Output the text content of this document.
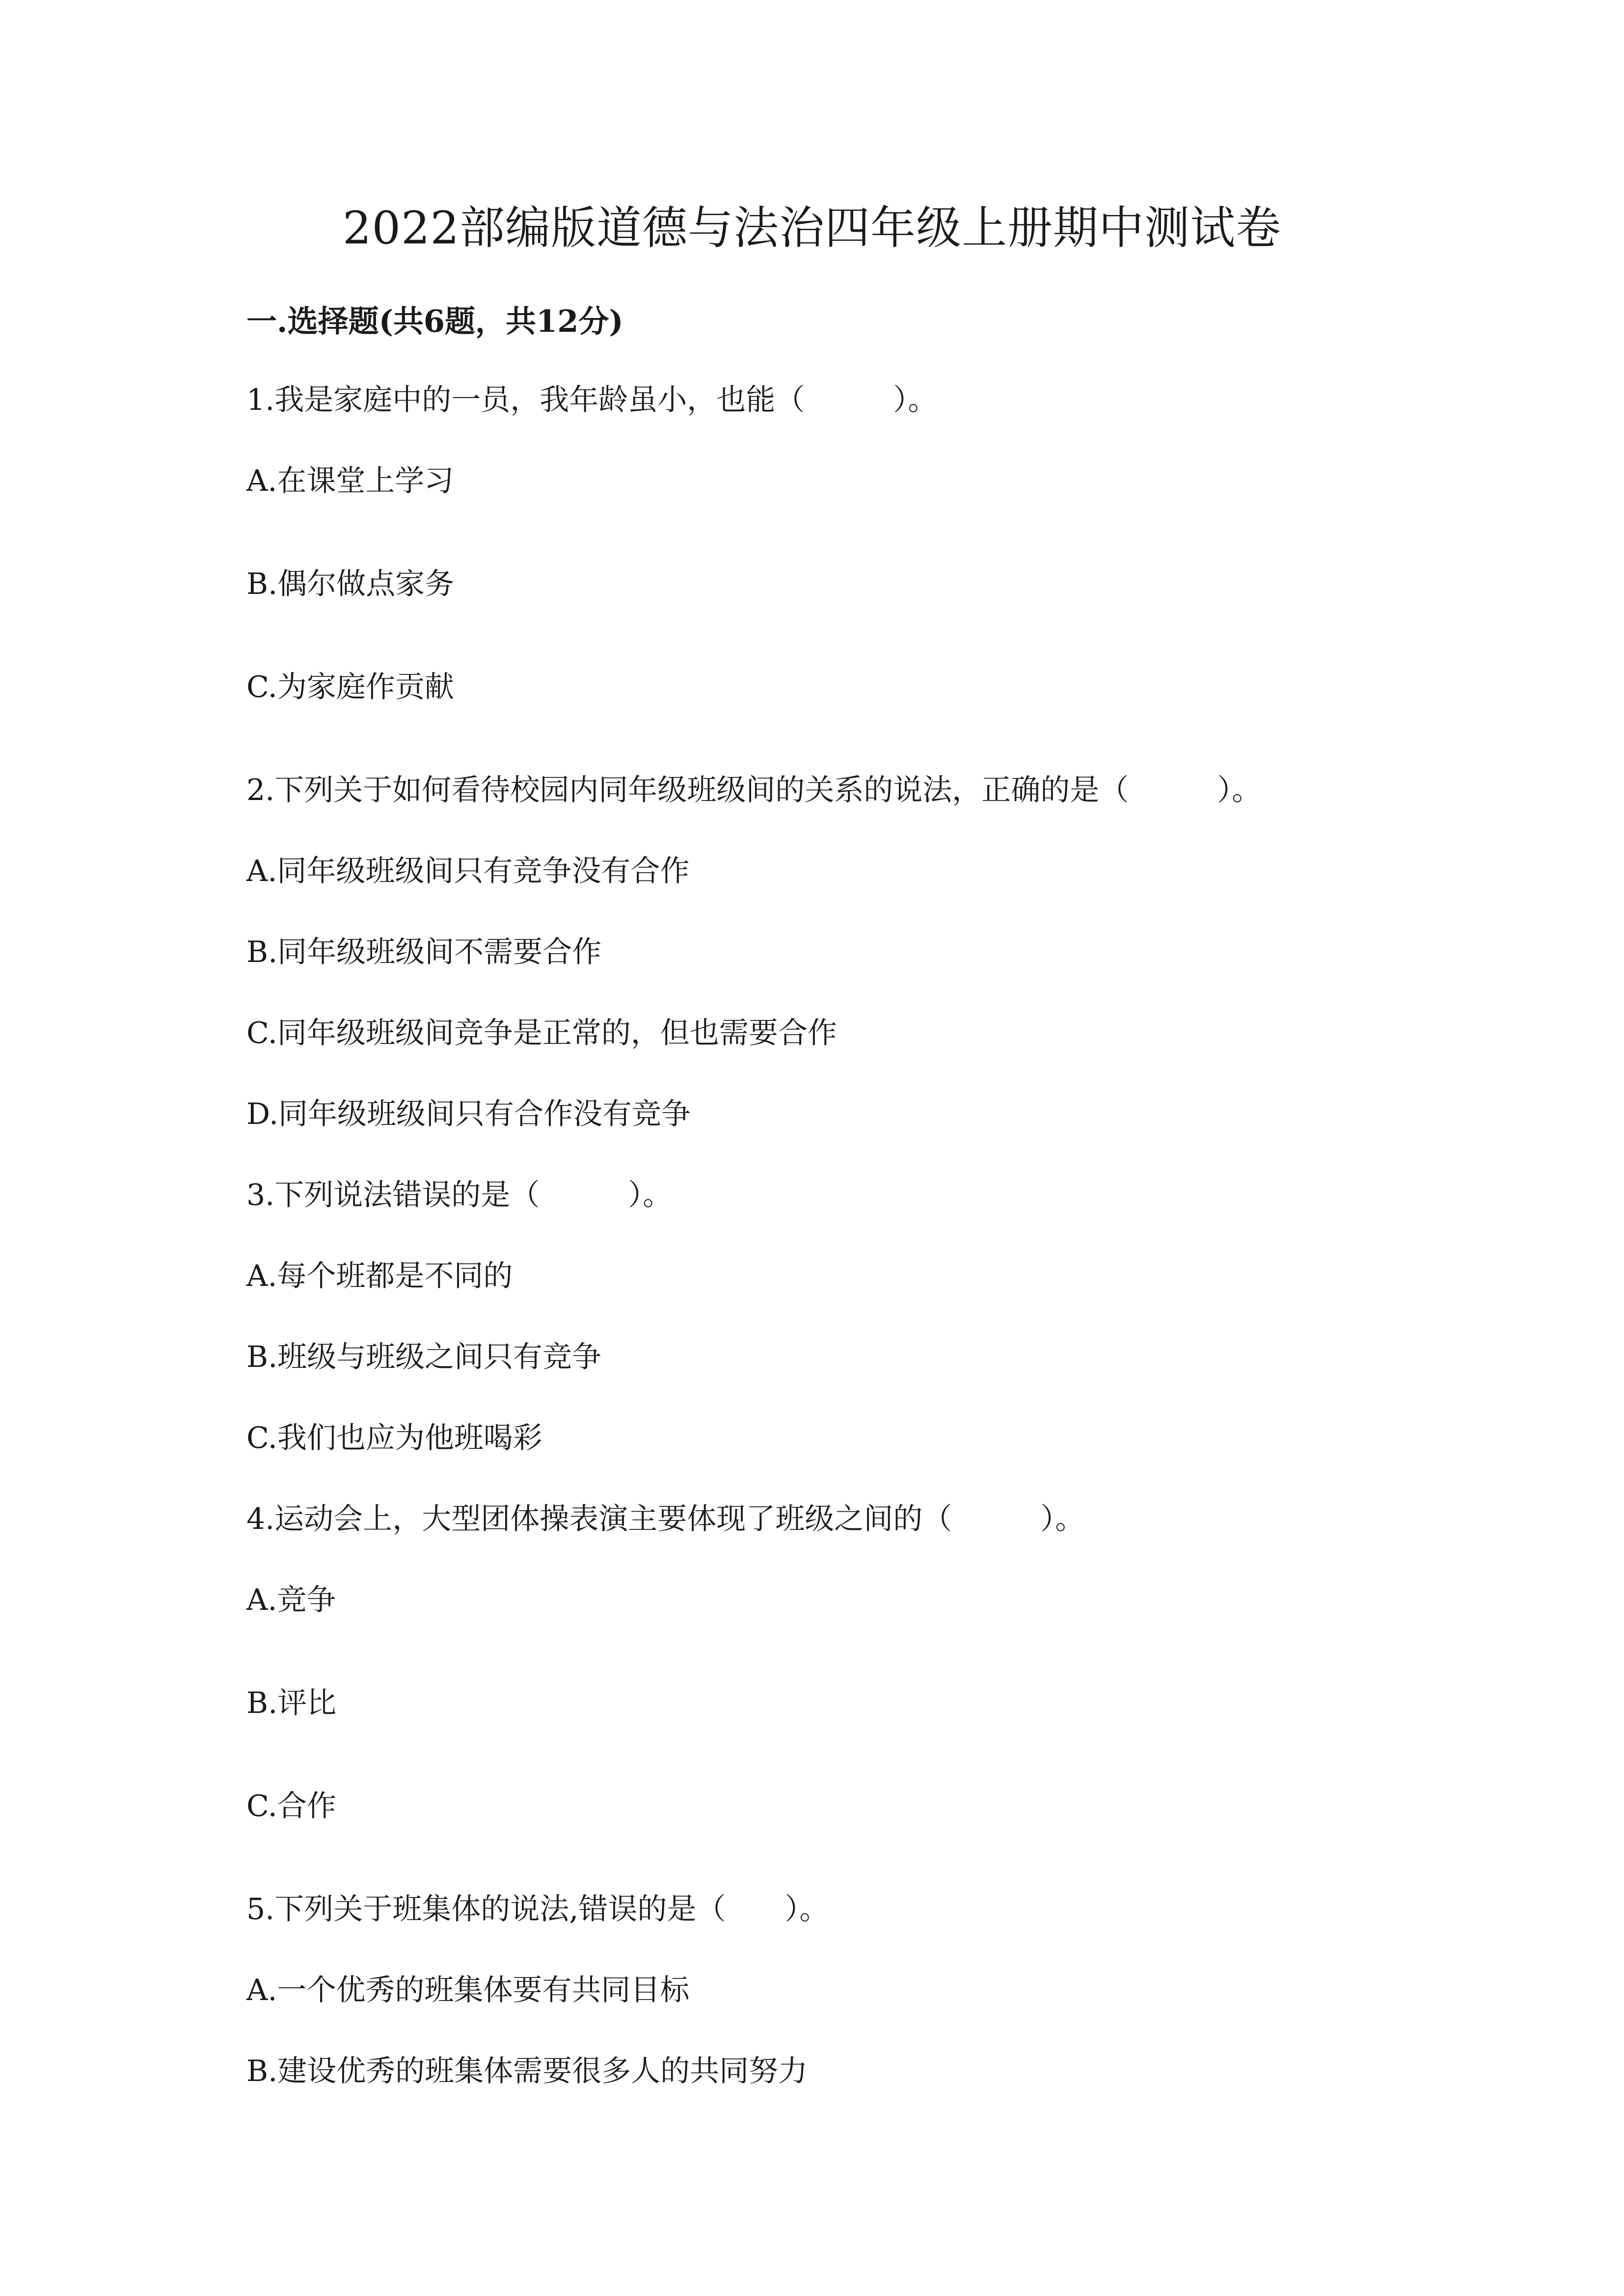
2022部编版道德与法治四年级上册期中测试卷
一.选择题(共6题，共12分)
1.我是家庭中的一员，我年龄虽小，也能（　　　）。
A.在课堂上学习
B.偶尔做点家务
C.为家庭作贡献
2.下列关于如何看待校园内同年级班级间的关系的说法，正确的是（　　　）。
A.同年级班级间只有竞争没有合作
B.同年级班级间不需要合作
C.同年级班级间竞争是正常的，但也需要合作
D.同年级班级间只有合作没有竞争
3.下列说法错误的是（　　　）。
A.每个班都是不同的
B.班级与班级之间只有竞争
C.我们也应为他班喝彩
4.运动会上，大型团体操表演主要体现了班级之间的（　　　）。
A.竞争
B.评比
C.合作
5.下列关于班集体的说法,错误的是（　　）。
A.一个优秀的班集体要有共同目标
B.建设优秀的班集体需要很多人的共同努力
